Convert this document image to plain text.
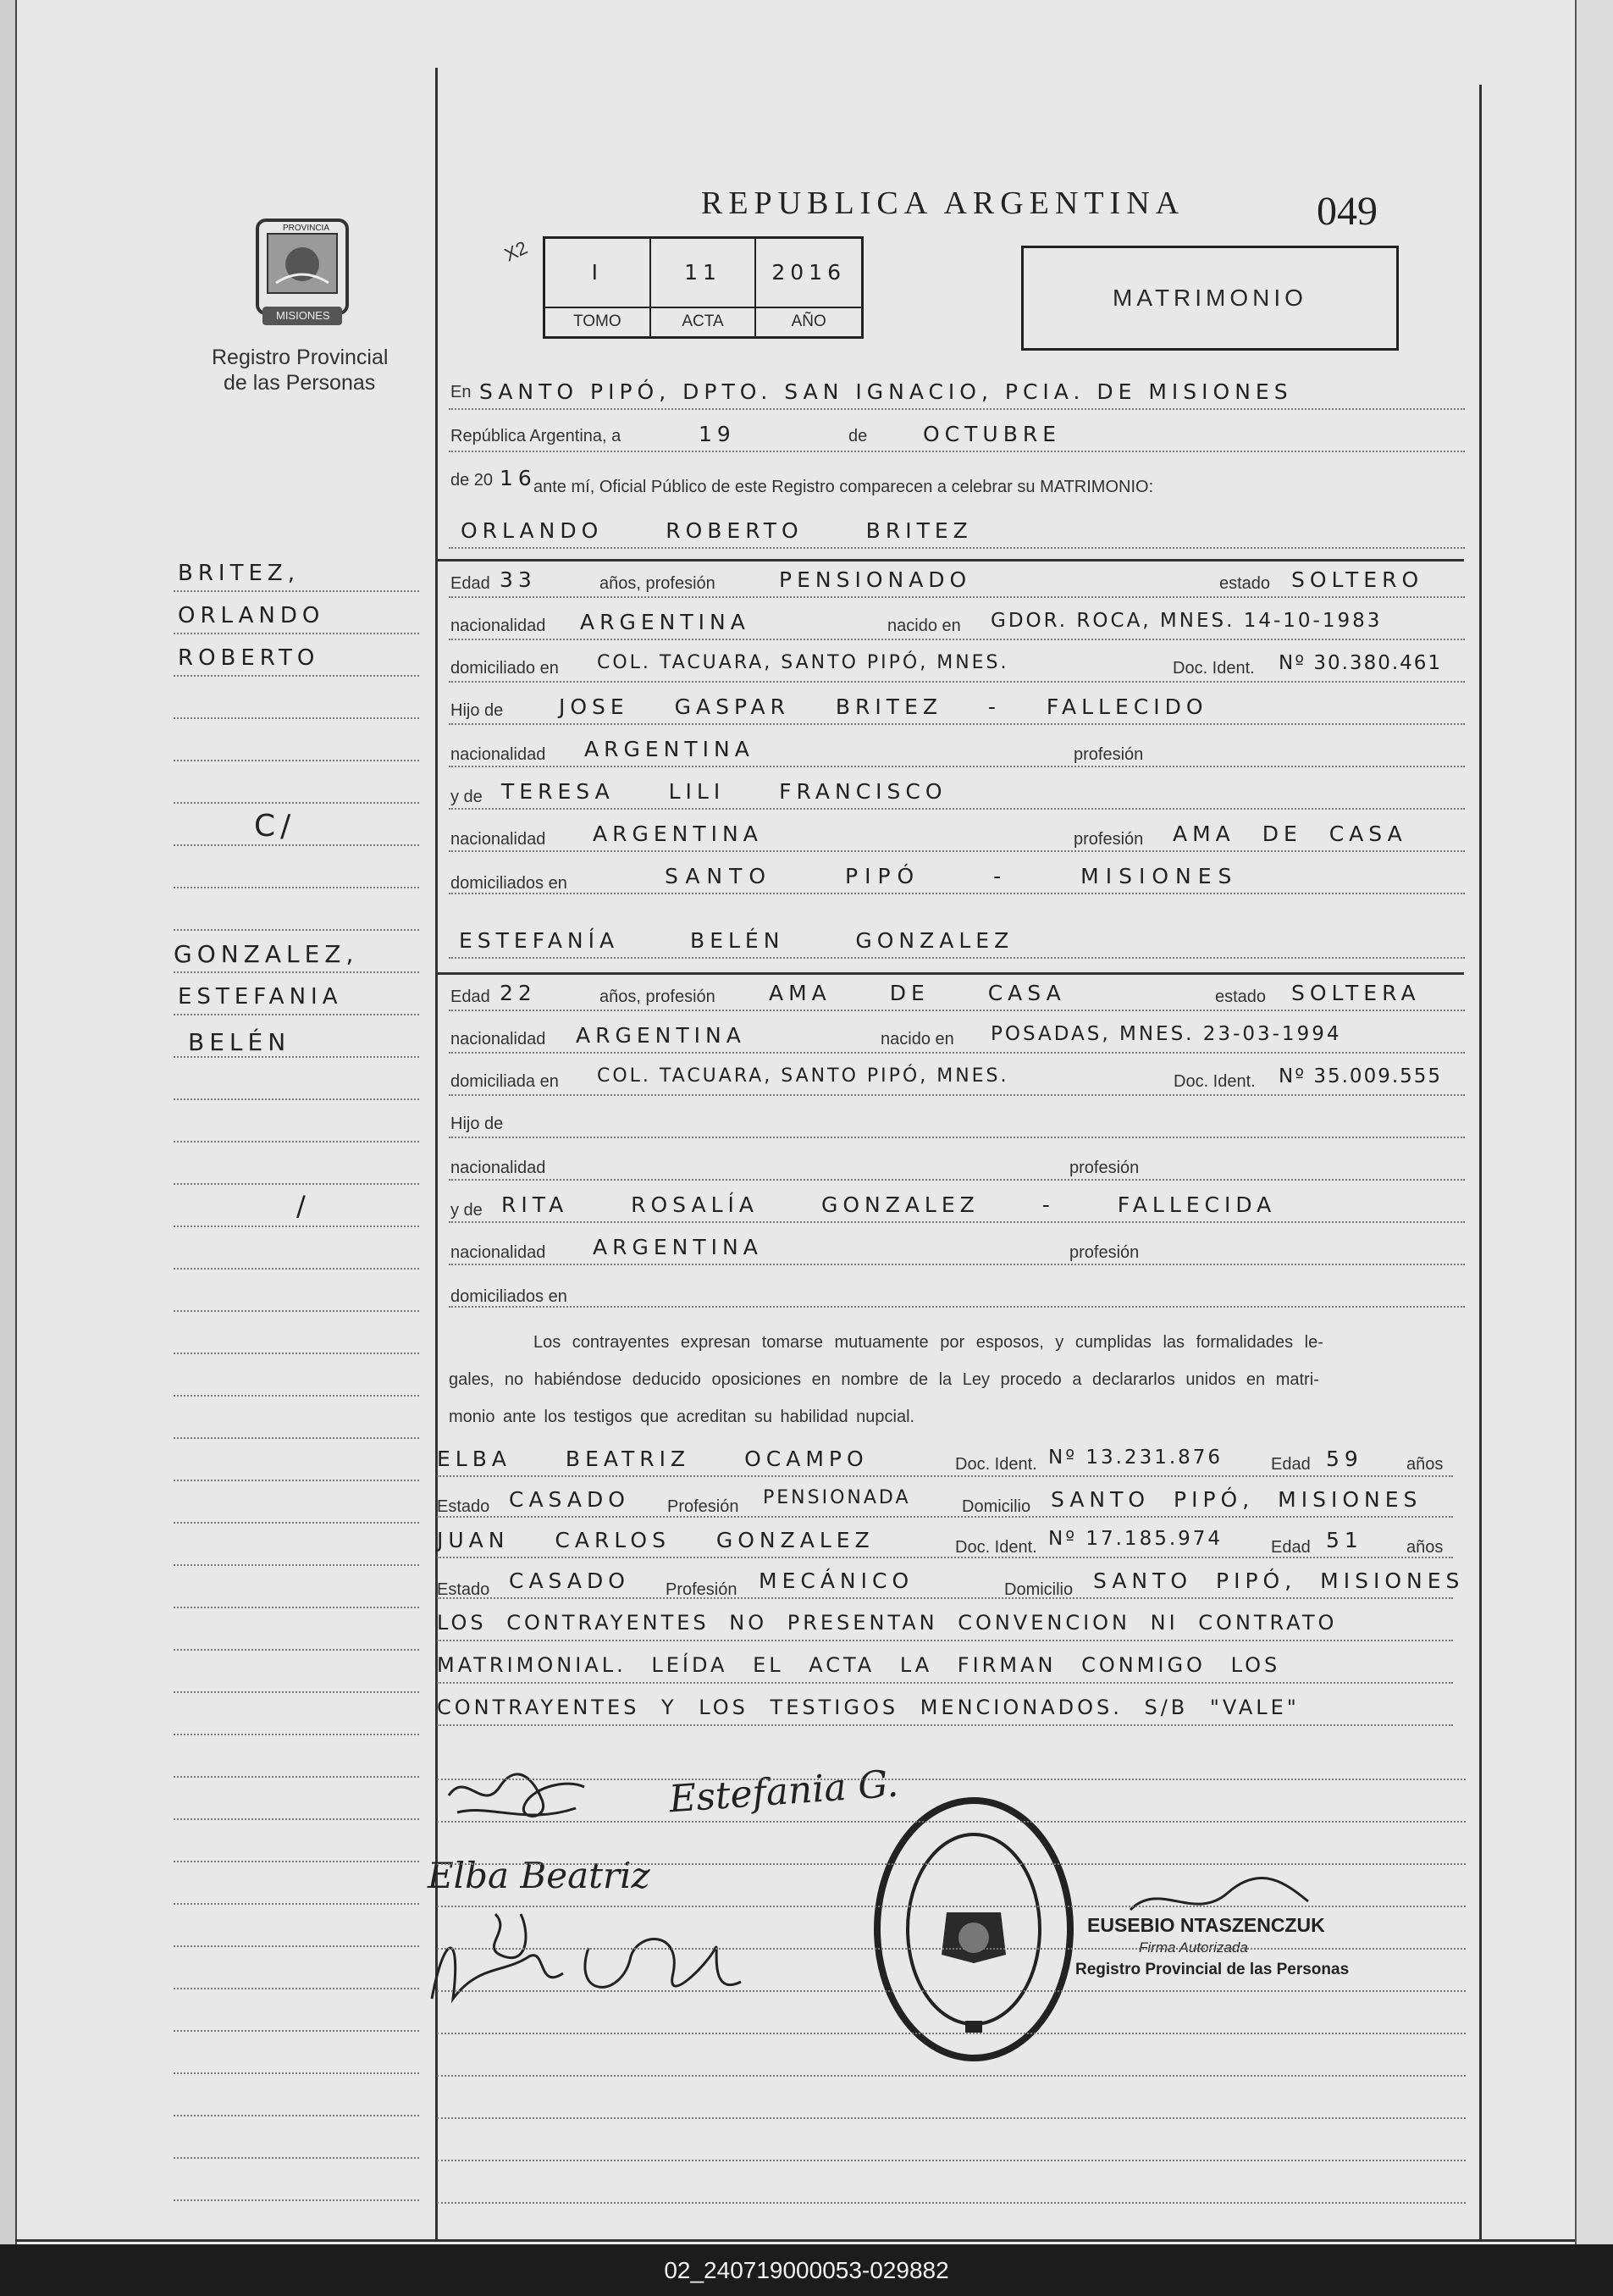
REPUBLICA ARGENTINA	049
X2
I	11	2016
TOMO	ACTA	AÑO
MATRIMONIO
PROVINCIA
MISIONES
Registro Provincial
de las Personas
BRITEZ,
ORLANDO
ROBERTO
C/
GONZALEZ,
ESTEFANIA
BELÉN
/
En SANTO PIPÓ, DPTO. SAN IGNACIO, PCIA. DE MISIONES
República Argentina, a	19	de	OCTUBRE
de 20 16
ante mí, Oficial Público de este Registro comparecen a celebrar su MATRIMONIO:
ORLANDO ROBERTO BRITEZ
Edad 33	años, profesión	PENSIONADO	estado SOLTERO
nacionalidad ARGENTINA	nacido en GDOR. ROCA, MNES. 14-10-1983
domiciliado en COL. TACUARA, SANTO PIPÓ, MNES.	Doc. Ident. Nº 30.380.461
Hijo de	JOSE GASPAR BRITEZ - FALLECIDO
nacionalidad ARGENTINA	profesión
y de TERESA LILI FRANCISCO
nacionalidad ARGENTINA	profesión AMA DE CASA
domiciliados en	SANTO PIPÓ - MISIONES
ESTEFANÍA BELÉN GONZALEZ
Edad 22	años, profesión	AMA DE CASA	estado SOLTERA
nacionalidad ARGENTINA	nacido en POSADAS, MNES. 23-03-1994
domiciliada en COL. TACUARA, SANTO PIPÓ, MNES.	Doc. Ident. Nº 35.009.555
Hijo de
nacionalidad	profesión
y de RITA ROSALÍA GONZALEZ - FALLECIDA
nacionalidad ARGENTINA	profesión
domiciliados en
Los contrayentes expresan tomarse mutuamente por esposos, y cumplidas las formalidades le-
gales, no habiéndose deducido oposiciones en nombre de la Ley procedo a declararlos unidos en matri-
monio ante los testigos que acreditan su habilidad nupcial.
ELBA BEATRIZ OCAMPO	Doc. Ident. Nº 13.231.876	Edad 59	años
Estado CASADO Profesión PENSIONADA	Domicilio SANTO PIPÓ, MISIONES
JUAN CARLOS GONZALEZ	Doc. Ident. Nº 17.185.974	Edad 51	años
Estado CASADO Profesión MECÁNICO	Domicilio SANTO PIPÓ, MISIONES
LOS CONTRAYENTES NO PRESENTAN CONVENCION NI CONTRATO
MATRIMONIAL. LEÍDA EL ACTA LA FIRMAN CONMIGO LOS
CONTRAYENTES Y LOS TESTIGOS MENCIONADOS. S/B "VALE"
Estefania G.
Elba Beatriz
EUSEBIO NTASZENCZUK
Firma Autorizada
Registro Provincial de las Personas
02_240719000053-029882
